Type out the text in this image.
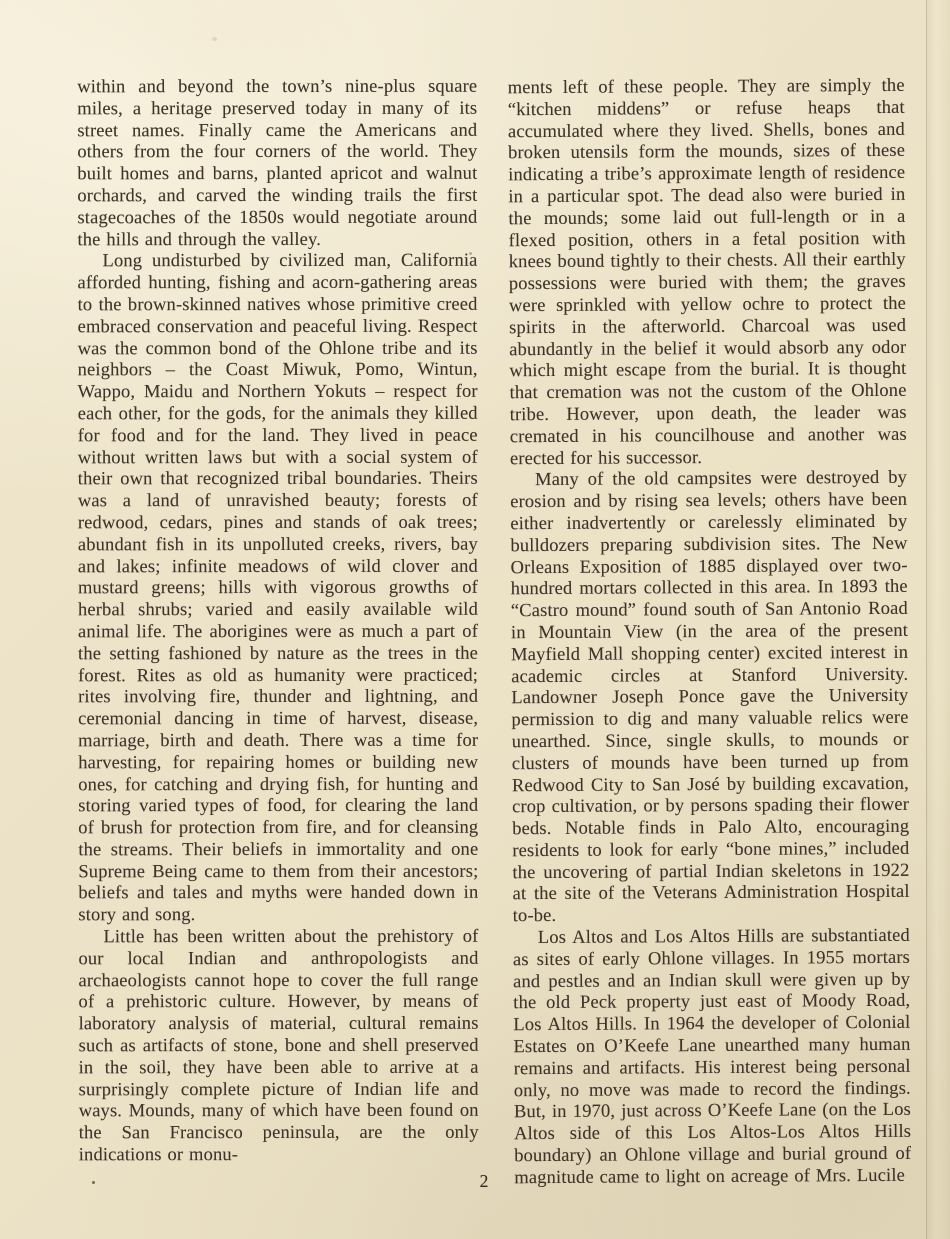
within and beyond the town’s nine-plus square miles, a heritage preserved today in many of its street names. Finally came the Americans and others from the four corners of the world. They built homes and barns, planted apricot and walnut orchards, and carved the winding trails the first stagecoaches of the 1850s would negotiate around the hills and through the valley.

Long undisturbed by civilized man, California afforded hunting, fishing and acorn-gathering areas to the brown-skinned natives whose primitive creed embraced conservation and peaceful living. Respect was the common bond of the Ohlone tribe and its neighbors – the Coast Miwuk, Pomo, Wintun, Wappo, Maidu and Northern Yokuts – respect for each other, for the gods, for the animals they killed for food and for the land. They lived in peace without written laws but with a social system of their own that recognized tribal boundaries. Theirs was a land of unravished beauty; forests of redwood, cedars, pines and stands of oak trees; abundant fish in its unpolluted creeks, rivers, bay and lakes; infinite meadows of wild clover and mustard greens; hills with vigorous growths of herbal shrubs; varied and easily available wild animal life. The aborigines were as much a part of the setting fashioned by nature as the trees in the forest. Rites as old as humanity were practiced; rites involving fire, thunder and lightning, and ceremonial dancing in time of harvest, disease, marriage, birth and death. There was a time for harvesting, for repairing homes or building new ones, for catching and drying fish, for hunting and storing varied types of food, for clearing the land of brush for protection from fire, and for cleansing the streams. Their beliefs in immortality and one Supreme Being came to them from their ancestors; beliefs and tales and myths were handed down in story and song.

Little has been written about the prehistory of our local Indian and anthropologists and archaeologists cannot hope to cover the full range of a prehistoric culture. However, by means of laboratory analysis of material, cultural remains such as artifacts of stone, bone and shell preserved in the soil, they have been able to arrive at a surprisingly complete picture of Indian life and ways. Mounds, many of which have been found on the San Francisco peninsula, are the only indications or monu-

ments left of these people. They are simply the “kitchen middens” or refuse heaps that accumulated where they lived. Shells, bones and broken utensils form the mounds, sizes of these indicating a tribe’s approximate length of residence in a particular spot. The dead also were buried in the mounds; some laid out full-length or in a flexed position, others in a fetal position with knees bound tightly to their chests. All their earthly possessions were buried with them; the graves were sprinkled with yellow ochre to protect the spirits in the afterworld. Charcoal was used abundantly in the belief it would absorb any odor which might escape from the burial. It is thought that cremation was not the custom of the Ohlone tribe. However, upon death, the leader was cremated in his councilhouse and another was erected for his successor.

Many of the old campsites were destroyed by erosion and by rising sea levels; others have been either inadvertently or carelessly eliminated by bulldozers preparing subdivision sites. The New Orleans Exposition of 1885 displayed over two-hundred mortars collected in this area. In 1893 the “Castro mound” found south of San Antonio Road in Mountain View (in the area of the present Mayfield Mall shopping center) excited interest in academic circles at Stanford University. Landowner Joseph Ponce gave the University permission to dig and many valuable relics were unearthed. Since, single skulls, to mounds or clusters of mounds have been turned up from Redwood City to San José by building excavation, crop cultivation, or by persons spading their flower beds. Notable finds in Palo Alto, encouraging residents to look for early “bone mines,” included the uncovering of partial Indian skeletons in 1922 at the site of the Veterans Administration Hospital to-be.

Los Altos and Los Altos Hills are substantiated as sites of early Ohlone villages. In 1955 mortars and pestles and an Indian skull were given up by the old Peck property just east of Moody Road, Los Altos Hills. In 1964 the developer of Colonial Estates on O’Keefe Lane unearthed many human remains and artifacts. His interest being personal only, no move was made to record the findings. But, in 1970, just across O’Keefe Lane (on the Los Altos side of this Los Altos-Los Altos Hills boundary) an Ohlone village and burial ground of magnitude came to light on acreage of Mrs. Lucile

2
